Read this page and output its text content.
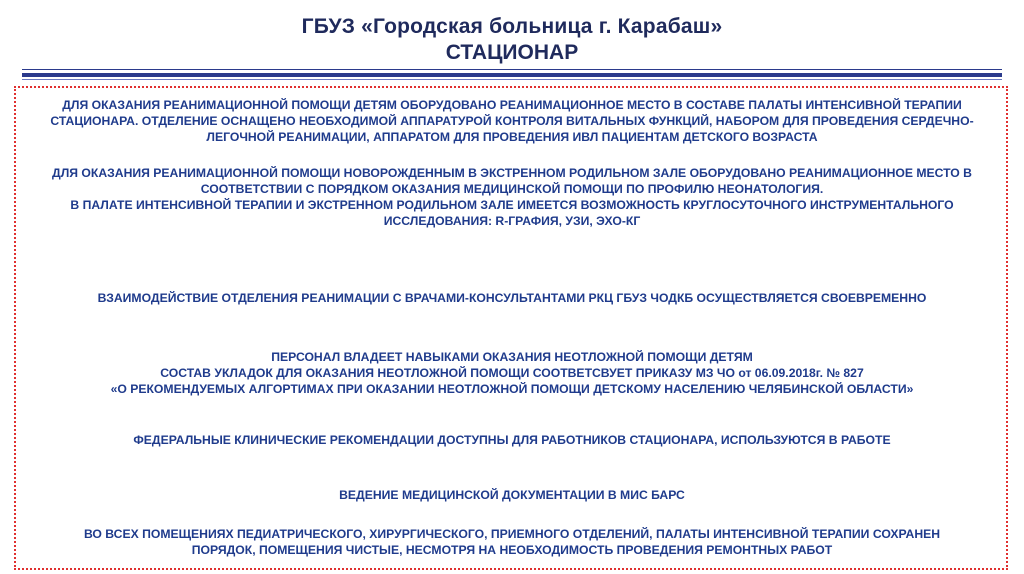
ГБУЗ «Городская больница г. Карабаш»
СТАЦИОНАР
ДЛЯ ОКАЗАНИЯ РЕАНИМАЦИОННОЙ ПОМОЩИ ДЕТЯМ ОБОРУДОВАНО РЕАНИМАЦИОННОЕ МЕСТО В СОСТАВЕ ПАЛАТЫ ИНТЕНСИВНОЙ ТЕРАПИИ
СТАЦИОНАРА. ОТДЕЛЕНИЕ ОСНАЩЕНО НЕОБХОДИМОЙ АППАРАТУРОЙ КОНТРОЛЯ ВИТАЛЬНЫХ ФУНКЦИЙ, НАБОРОМ ДЛЯ ПРОВЕДЕНИЯ СЕРДЕЧНО-
ЛЕГОЧНОЙ РЕАНИМАЦИИ, АППАРАТОМ ДЛЯ ПРОВЕДЕНИЯ ИВЛ ПАЦИЕНТАМ ДЕТСКОГО ВОЗРАСТА
ДЛЯ ОКАЗАНИЯ РЕАНИМАЦИОННОЙ ПОМОЩИ НОВОРОЖДЕННЫМ В ЭКСТРЕННОМ РОДИЛЬНОМ ЗАЛЕ ОБОРУДОВАНО РЕАНИМАЦИОННОЕ МЕСТО В
СООТВЕТСТВИИ С ПОРЯДКОМ ОКАЗАНИЯ МЕДИЦИНСКОЙ ПОМОЩИ ПО ПРОФИЛЮ НЕОНАТОЛОГИЯ.
В ПАЛАТЕ ИНТЕНСИВНОЙ ТЕРАПИИ И ЭКСТРЕННОМ РОДИЛЬНОМ ЗАЛЕ ИМЕЕТСЯ ВОЗМОЖНОСТЬ КРУГЛОСУТОЧНОГО ИНСТРУМЕНТАЛЬНОГО
ИССЛЕДОВАНИЯ: R-ГРАФИЯ, УЗИ, ЭХО-КГ
ВЗАИМОДЕЙСТВИЕ ОТДЕЛЕНИЯ РЕАНИМАЦИИ С ВРАЧАМИ-КОНСУЛЬТАНТАМИ РКЦ ГБУЗ ЧОДКБ ОСУЩЕСТВЛЯЕТСЯ СВОЕВРЕМЕННО
ПЕРСОНАЛ ВЛАДЕЕТ НАВЫКАМИ ОКАЗАНИЯ НЕОТЛОЖНОЙ ПОМОЩИ ДЕТЯМ
СОСТАВ УКЛАДОК ДЛЯ ОКАЗАНИЯ НЕОТЛОЖНОЙ ПОМОЩИ СООТВЕТСВУЕТ ПРИКАЗУ МЗ ЧО от 06.09.2018г. № 827
«О РЕКОМЕНДУЕМЫХ АЛГОРТИМАХ ПРИ ОКАЗАНИИ НЕОТЛОЖНОЙ ПОМОЩИ ДЕТСКОМУ НАСЕЛЕНИЮ ЧЕЛЯБИНСКОЙ ОБЛАСТИ»
ФЕДЕРАЛЬНЫЕ КЛИНИЧЕСКИЕ РЕКОМЕНДАЦИИ ДОСТУПНЫ ДЛЯ РАБОТНИКОВ СТАЦИОНАРА, ИСПОЛЬЗУЮТСЯ В РАБОТЕ
ВЕДЕНИЕ МЕДИЦИНСКОЙ ДОКУМЕНТАЦИИ В МИС БАРС
ВО ВСЕХ ПОМЕЩЕНИЯХ ПЕДИАТРИЧЕСКОГО, ХИРУРГИЧЕСКОГО, ПРИЕМНОГО ОТДЕЛЕНИЙ, ПАЛАТЫ ИНТЕНСИВНОЙ ТЕРАПИИ СОХРАНЕН
ПОРЯДОК, ПОМЕЩЕНИЯ ЧИСТЫЕ, НЕСМОТРЯ НА НЕОБХОДИМОСТЬ ПРОВЕДЕНИЯ РЕМОНТНЫХ РАБОТ
